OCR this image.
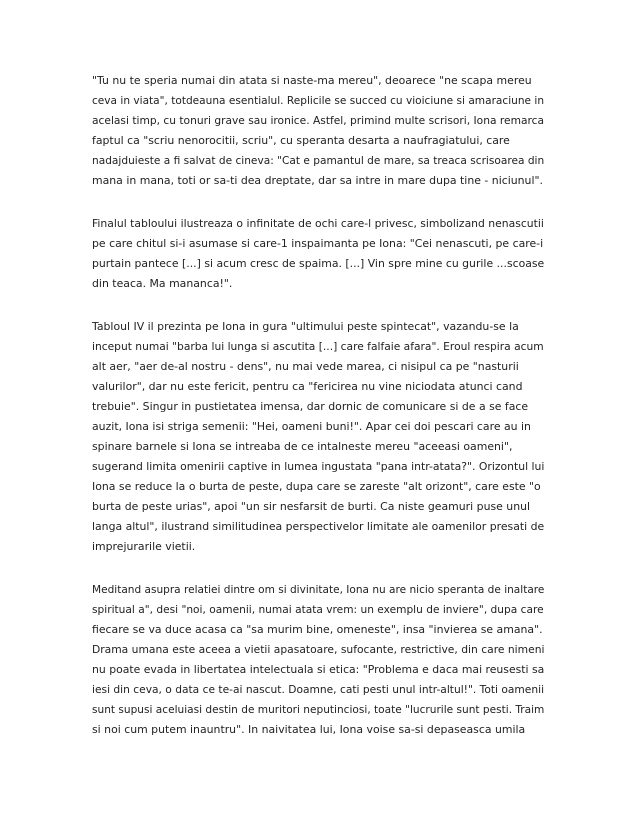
"Tu nu te speria numai din atata si naste-ma mereu", deoarece "ne scapa mereu
ceva in viata", totdeauna esentialul. Replicile se succed cu vioiciune si amaraciune in
acelasi timp, cu tonuri grave sau ironice. Astfel, primind multe scrisori, Iona remarca
faptul ca "scriu nenorocitii, scriu", cu speranta desarta a naufragiatului, care
nadajduieste a fi salvat de cineva: "Cat e pamantul de mare, sa treaca scrisoarea din
mana in mana, toti or sa-ti dea dreptate, dar sa intre in mare dupa tine - niciunul".
Finalul tabloului ilustreaza o infinitate de ochi care-l privesc, simbolizand nenascutii
pe care chitul si-i asumase si care-1 inspaimanta pe Iona: "Cei nenascuti, pe care-i
purtain pantece [...] si acum cresc de spaima. [...] Vin spre mine cu gurile ...scoase
din teaca. Ma mananca!".
Tabloul IV il prezinta pe Iona in gura "ultimului peste spintecat", vazandu-se la
inceput numai "barba lui lunga si ascutita [...] care falfaie afara". Eroul respira acum
alt aer, "aer de-al nostru - dens", nu mai vede marea, ci nisipul ca pe "nasturii
valurilor", dar nu este fericit, pentru ca "fericirea nu vine niciodata atunci cand
trebuie". Singur in pustietatea imensa, dar dornic de comunicare si de a se face
auzit, Iona isi striga semenii: "Hei, oameni buni!". Apar cei doi pescari care au in
spinare barnele si Iona se intreaba de ce intalneste mereu "aceeasi oameni",
sugerand limita omenirii captive in lumea ingustata "pana intr-atata?". Orizontul lui
Iona se reduce la o burta de peste, dupa care se zareste "alt orizont", care este "o
burta de peste urias", apoi "un sir nesfarsit de burti. Ca niste geamuri puse unul
langa altul", ilustrand similitudinea perspectivelor limitate ale oamenilor presati de
imprejurarile vietii.
Meditand asupra relatiei dintre om si divinitate, Iona nu are nicio speranta de inaltare
spiritual a", desi "noi, oamenii, numai atata vrem: un exemplu de inviere", dupa care
fiecare se va duce acasa ca "sa murim bine, omeneste", insa "invierea se amana".
Drama umana este aceea a vietii apasatoare, sufocante, restrictive, din care nimeni
nu poate evada in libertatea intelectuala si etica: "Problema e daca mai reusesti sa
iesi din ceva, o data ce te-ai nascut. Doamne, cati pesti unul intr-altul!". Toti oamenii
sunt supusi aceluiasi destin de muritori neputinciosi, toate "lucrurile sunt pesti. Traim
si noi cum putem inauntru". In naivitatea lui, Iona voise sa-si depaseasca umila
